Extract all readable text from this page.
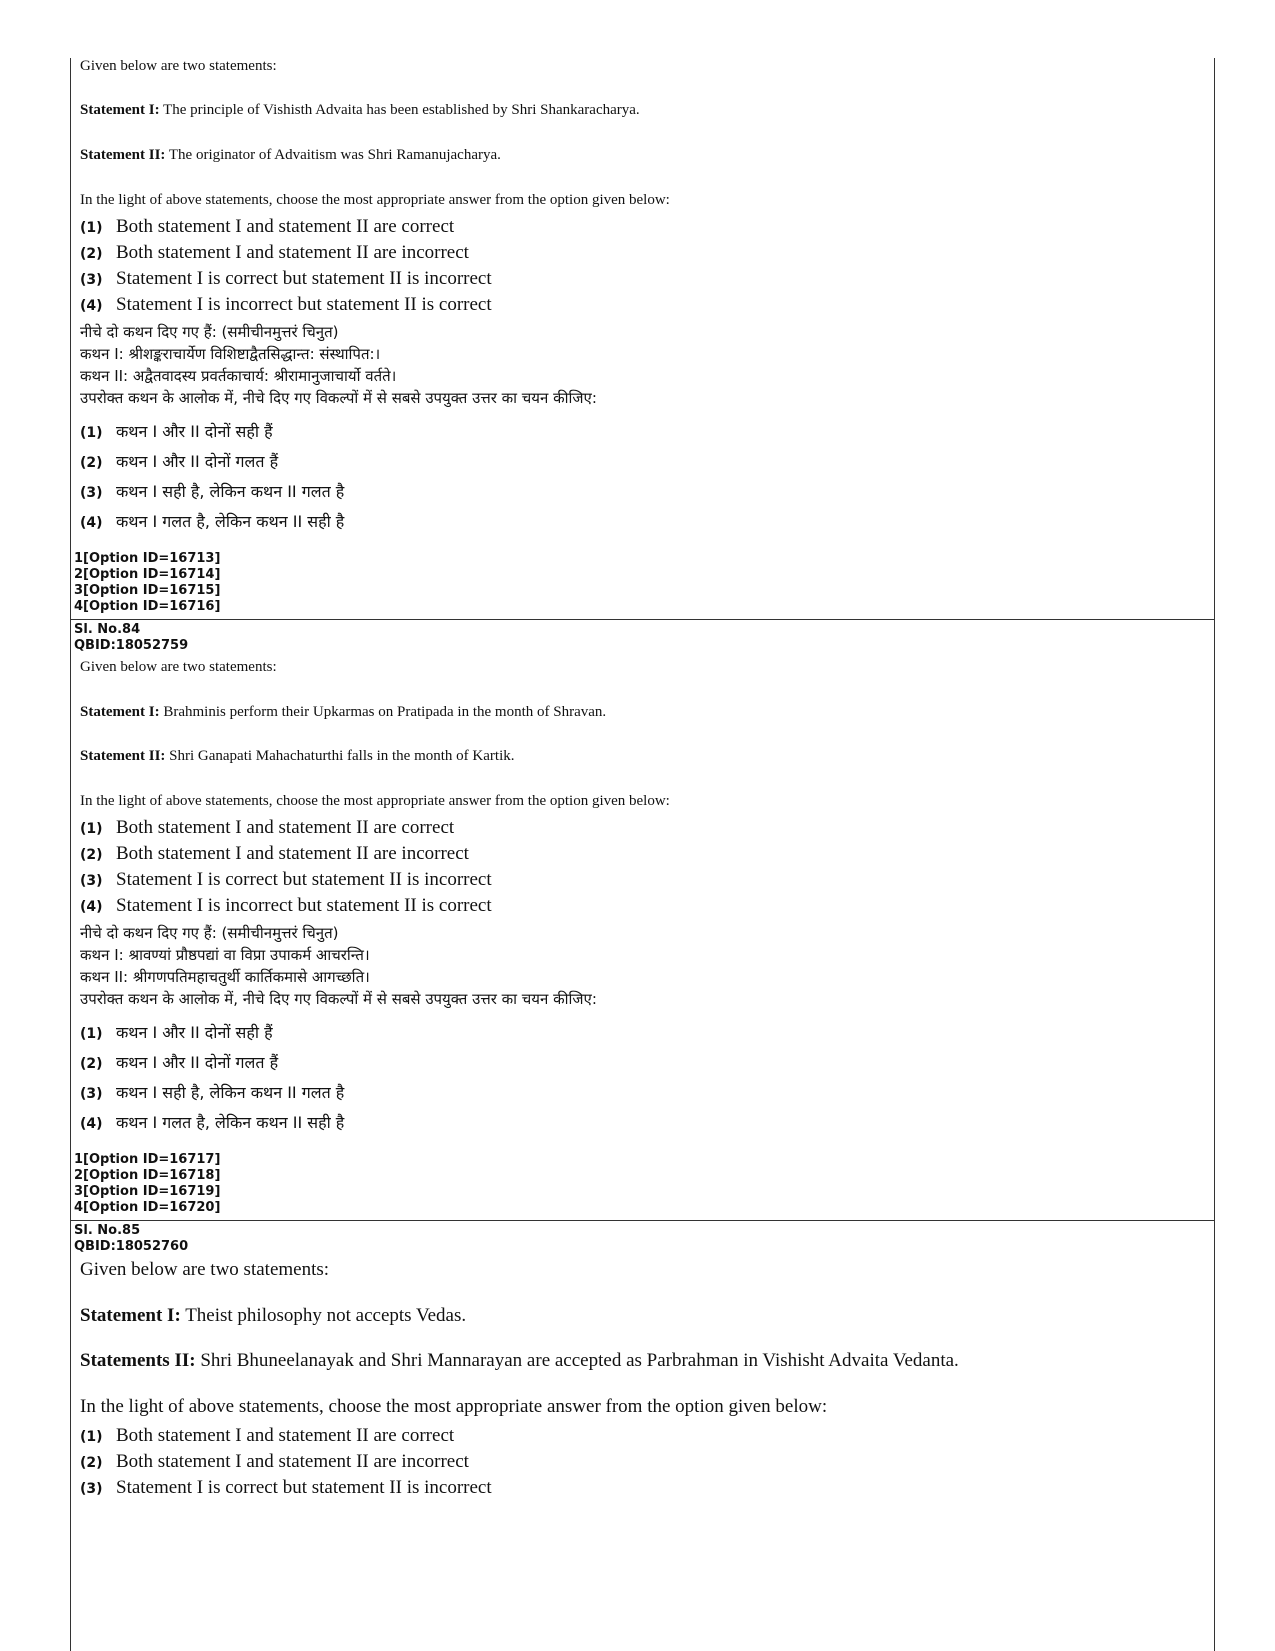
Given below are two statements:
Statement I: The principle of Vishisth Advaita has been established by Shri Shankaracharya.
Statement II: The originator of Advaitism was Shri Ramanujacharya.
In the light of above statements, choose the most appropriate answer from the option given below:
(1) Both statement I and statement II are correct
(2) Both statement I and statement II are incorrect
(3) Statement I is correct but statement II is incorrect
(4) Statement I is incorrect but statement II is correct
नीचे दो कथन दिए गए हैं: (समीचीनमुत्तरं चिनुत)
कथन I: श्रीशङ्कराचार्येण विशिष्टाद्वैतसिद्धान्त: संस्थापित:।
कथन II: अद्वैतवादस्य प्रवर्तकाचार्य: श्रीरामानुजाचार्यो वर्तते।
उपरोक्त कथन के आलोक में, नीचे दिए गए विकल्पों में से सबसे उपयुक्त उत्तर का चयन कीजिए:
(1) कथन I और II दोनों सही हैं
(2) कथन I और II दोनों गलत हैं
(3) कथन I सही है, लेकिन कथन II गलत है
(4) कथन I गलत है, लेकिन कथन II सही है
1[Option ID=16713]
2[Option ID=16714]
3[Option ID=16715]
4[Option ID=16716]
Sl. No.84
QBID:18052759
Given below are two statements:
Statement I: Brahminis perform their Upkarmas on Pratipada in the month of Shravan.
Statement II: Shri Ganapati Mahachaturthi falls in the month of Kartik.
In the light of above statements, choose the most appropriate answer from the option given below:
(1) Both statement I and statement II are correct
(2) Both statement I and statement II are incorrect
(3) Statement I is correct but statement II is incorrect
(4) Statement I is incorrect but statement II is correct
नीचे दो कथन दिए गए हैं: (समीचीनमुत्तरं चिनुत)
कथन I: श्रावण्यां प्रौष्ठपद्यां वा विप्रा उपाकर्म आचरन्ति।
कथन II: श्रीगणपतिमहाचतुर्थी कार्तिकमासे आगच्छति।
उपरोक्त कथन के आलोक में, नीचे दिए गए विकल्पों में से सबसे उपयुक्त उत्तर का चयन कीजिए:
(1) कथन I और II दोनों सही हैं
(2) कथन I और II दोनों गलत हैं
(3) कथन I सही है, लेकिन कथन II गलत है
(4) कथन I गलत है, लेकिन कथन II सही है
1[Option ID=16717]
2[Option ID=16718]
3[Option ID=16719]
4[Option ID=16720]
Sl. No.85
QBID:18052760
Given below are two statements:
Statement I: Theist philosophy not accepts Vedas.
Statements II: Shri Bhuneelanayak and Shri Mannarayan are accepted as Parbrahman in Vishisht Advaita Vedanta.
In the light of above statements, choose the most appropriate answer from the option given below:
(1) Both statement I and statement II are correct
(2) Both statement I and statement II are incorrect
(3) Statement I is correct but statement II is incorrect
